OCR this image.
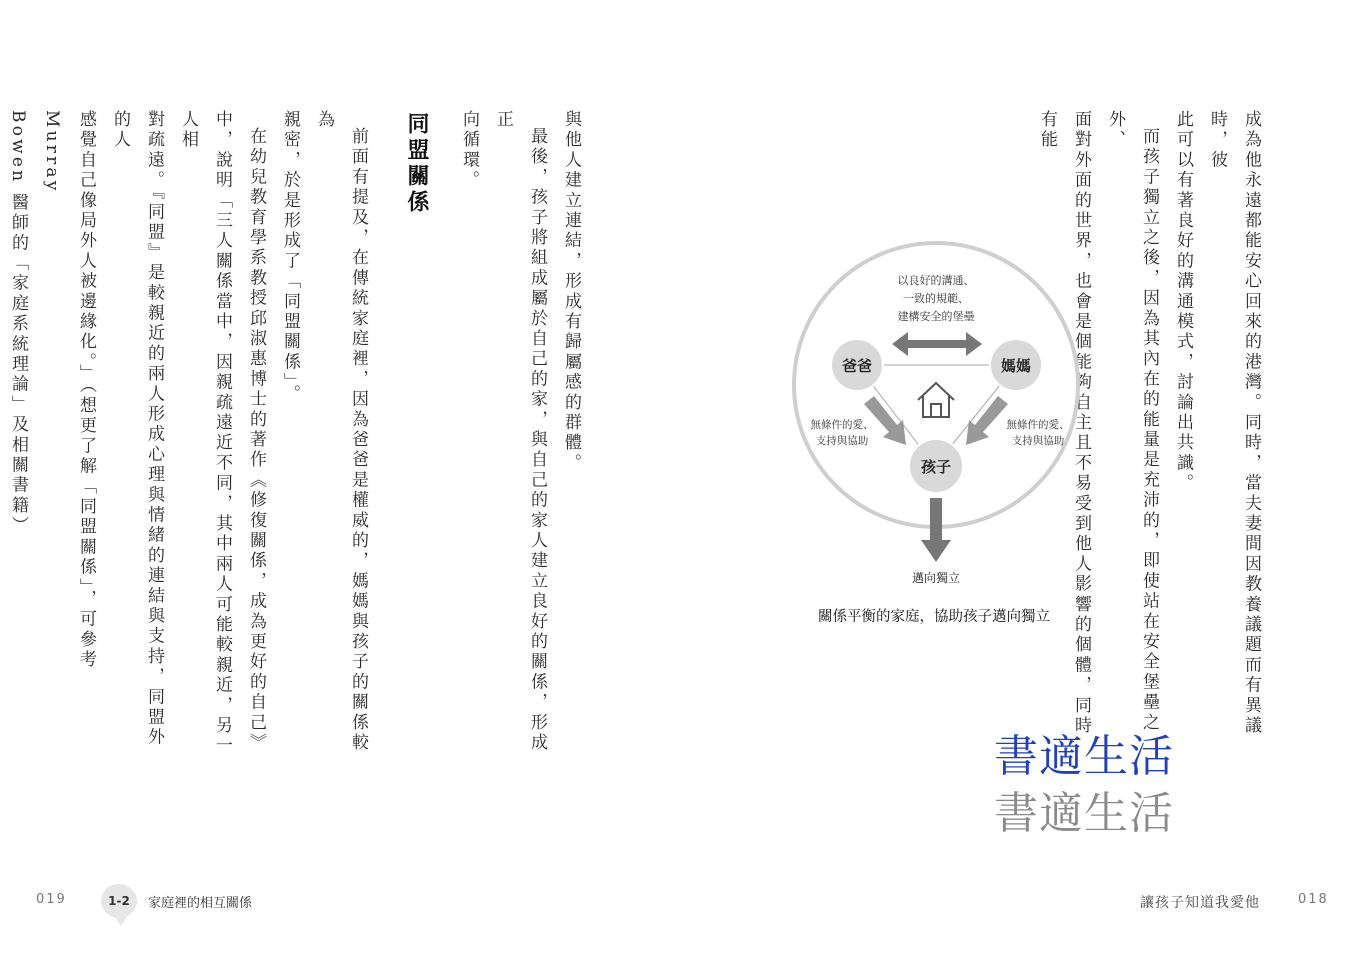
成為他永遠都能安心回來的港灣。同時，當夫妻間因教養議題而有異議時，彼

此可以有著良好的溝通模式，討論出共識。

而孩子獨立之後，因為其內在的能量是充沛的，即使站在安全堡壘之外、

面對外面的世界，也會是個能夠自主且不易受到他人影響的個體，同時有能

與他人建立連結，形成有歸屬感的群體。

最後，孩子將組成屬於自己的家，與自己的家人建立良好的關係，形成正

向循環。

同盟關係

前面有提及，在傳統家庭裡，因為爸爸是權威的，媽媽與孩子的關係較為

親密，於是形成了「同盟關係」。

在幼兒教育學系教授邱淑惠博士的著作《修復關係，成為更好的自己》

中，說明「三人關係當中，因親疏遠近不同，其中兩人可能較親近，另一人相

對疏遠。『同盟』是較親近的兩人形成心理與情緒的連結與支持，同盟外的人

感覺自己像局外人被邊緣化。」（想更了解「同盟關係」，可參考 Murray

Bowen 醫師的「家庭系統理論」及相關書籍）	以良好的溝通、
一致的規範、
建構安全的堡壘
爸爸	媽媽
孩子
無條件的愛、
支持與協助
無條件的愛、
支持與協助
邁向獨立
關係平衡的家庭，協助孩子邁向獨立
書適生活
書適生活
019	1-2	家庭裡的相互關係	讓孩子知道我愛他	018
